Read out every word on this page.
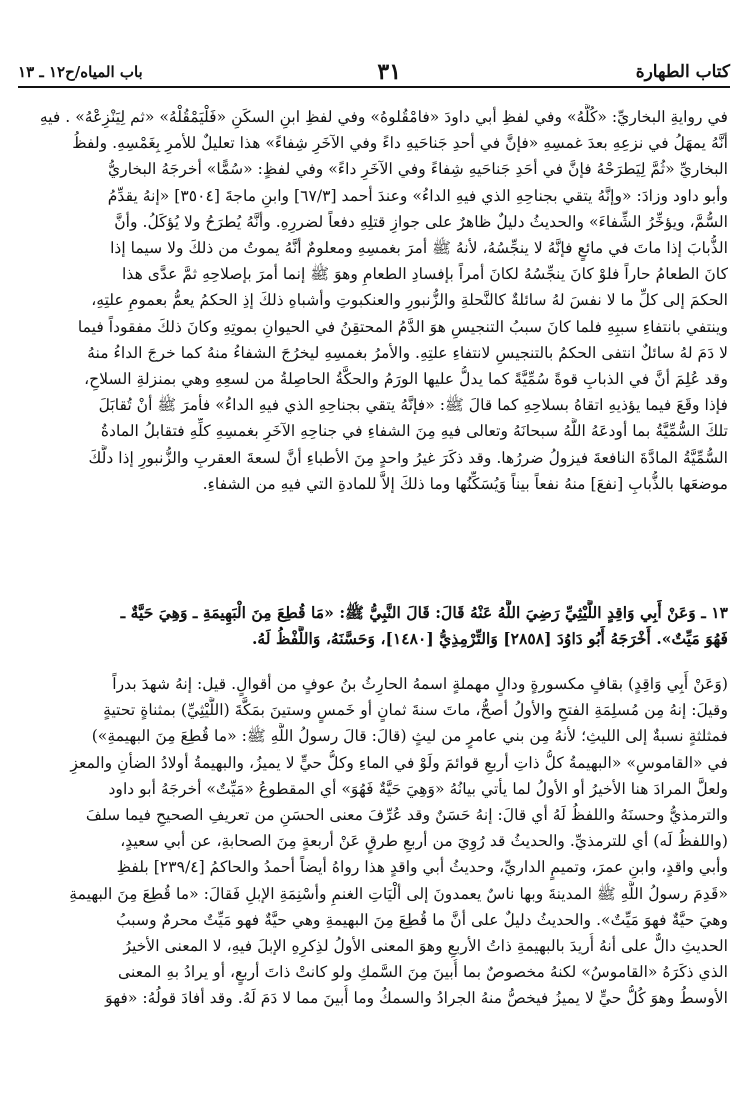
كتاب الطهارة
٣١
باب المياه/ح١٢ ـ ١٣
في روايةِ البخاريِّ: «كُلَّهُ» وفي لفظِ أبي داودَ «فامْقُلوهُ» وفي لفظِ ابنِ السكَنِ «فَلْيَمْقُلْهُ» «ثم لِيَنْزِعْهُ» . فيهِ
أنَّهُ يمهَلُ في نزعِهِ بعدَ غمسِهِ «فإنَّ في أحدِ جَناحَيهِ داءً وفي الآخَرِ شِفاءً» هذا تعليلٌ للأمرِ بِغَمْسِهِ. ولفظُ
البخاريِّ «ثُمَّ لِيَطرَحْهُ فإنَّ في أحَدِ جَناحَيهِ شِفاءً وفي الآخَرِ داءً» وفي لفظٍ: «سُمًّا» أخرجَهُ البخاريُّ
وأبو داود وزادَ: «وإنَّهُ يتقي بجناحِهِ الذي فيهِ الداءُ» وعندَ أحمد [٦٧/٣] وابنِ ماجةَ [٣٥٠٤] «إنهُ يقدِّمُ
السُّمَّ، ويؤخِّرُ الشِّفاءَ» والحديثُ دليلٌ ظاهرٌ على جوازِ قتلِهِ دفعاً لضررِهِ. وأنَّهُ يُطرَحُ ولا يُؤكَلُ. وأنَّ
الذُّبابَ إذا ماتَ في مائعٍ فإنَّهُ لا ينجِّسُهُ، لأنهُ ﷺ أمرَ بغمسِهِ ومعلومٌ أنَّهُ يموتُ من ذلكَ ولا سيما إذا
كانَ الطعامُ حاراً فلوْ كانَ ينجِّسُهُ لكانَ أمراً بإفسادِ الطعامِ وهوَ ﷺ إنما أمرَ بإصلاحِهِ ثمَّ عدَّى هذا
الحكمَ إلى كلِّ ما لا نفسَ لهُ سائلةٌ كالنَّحلةِ والزُّنبورِ والعنكبوتِ وأشباهِ ذلكَ إذِ الحكمُ يعمُّ بعمومِ علتِهِ،
وينتفي بانتفاءِ سببِهِ فلما كانَ سببُ التنجيسِ هوَ الدَّمُ المحتقِنُ في الحيوانِ بموتِهِ وكانَ ذلكَ مفقوداً فيما
لا دَمَ لهُ سائلٌ انتفى الحكمُ بالتنجيسِ لانتفاءِ علتِهِ. والأمرُ بغمسِهِ ليخرُجَ الشفاءُ منهُ كما خرجَ الداءُ منهُ
وقد عُلِمَ أنَّ في الذبابِ قوةً سُمِّيَّةً كما يدلُّ عليها الورَمُ والحكَّةُ الحاصِلةُ من لسعِهِ وهي بمنزلةِ السلاحِ،
فإذا وقَعَ فيما يؤذيهِ اتقاهُ بسلاحِهِ كما قالَ ﷺ: «فإنَّهُ يتقي بجناحِهِ الذي فيهِ الداءُ» فأمرَ ﷺ أنْ تُقابَلَ
تلكَ السُّمِّيَّةُ بما أودعَهُ اللَّهُ سبحانَهُ وتعالى فيهِ مِنَ الشفاءِ في جناحِهِ الآخَرِ بغمسِهِ كلِّهِ فتقابلُ المادةُ
السُّمِّيَّةُ المادَّةَ النافعةَ فيزولُ ضررُها. وقد ذكَرَ غيرُ واحدٍ مِنَ الأطباءِ أنَّ لسعةَ العقربِ والزُّنبورِ إذا دلَّكَ
موضعَها بالذُّبابِ [نفعَ] منهُ نفعاً بيناً وَيُسَكِّنُها وما ذلكَ إلاَّ للمادةِ التي فيهِ من الشفاءِ.
١٣ ـ وَعَنْ أَبِي وَاقِدٍ اللَّيْثِيِّ رَضِيَ اللَّهُ عَنْهُ قَالَ: قَالَ النَّبِيُّ ﷺ: «مَا قُطِعَ مِنَ الْبَهِيمَةِ ـ وَهِيَ حَيَّةٌ ـ
فَهُوَ مَيِّتٌ». أَخْرَجَهُ أَبُو دَاوُدَ [٢٨٥٨] وَالتِّرْمِذِيُّ [١٤٨٠]، وَحَسَّنَهُ، وَاللَّفْظُ لَهُ.
(وَعَنْ أَبِي وَاقِدٍ) بقافٍ مكسورةٍ ودالٍ مهملةٍ اسمهُ الحارِثُ بنُ عوفٍ من أقوالٍ. قيل: إنهُ شهدَ بدراً
وقيلَ: إنهُ مِن مُسلِمَةِ الفتحِ والأولُ أصحُّ، ماتَ سنةَ ثمانٍ أو خَمسٍ وستينَ بمَكَّةَ (اللَّيْثِيِّ) بمثناةٍ تحتيةٍ
فمثلثةٍ نسبةٌ إلى الليثِ؛ لأنهُ مِن بني عامرٍ من ليثٍ (قالَ: قالَ رسولُ اللَّهِ ﷺ: «ما قُطِعَ مِنَ البهيمةِ»)
في «القاموسِ» «البهيمةُ كلُّ ذاتِ أربعِ قوائمَ ولَوْ في الماءِ وكلُّ حيٍّ لا يميزُ، والبهيمةُ أولادُ الضأنِ والمعزِ
ولعلَّ المرادَ هنا الأخيرُ أو الأولُ لما يأتي بيانُهُ «وَهِيَ حَيَّةٌ فَهُوَ» أي المقطوعُ «مَيِّتٌ» أخرجَهُ أبو داود
والترمذيُّ وحسنَهُ واللفظُ لَهُ أي قالَ: إنهُ حَسَنٌ وقد عُرِّفَ معنى الحسَنِ من تعريفِ الصحيحِ فيما سلفَ
(واللفظُ لَه) أي للترمذيِّ. والحديثُ قد رُوِيَ من أربعِ طرقٍ عَنْ أربعةٍ مِنَ الصحابةِ، عن أبي سعيدٍ،
وأبي واقدٍ، وابنِ عمرَ، وتميمٍ الداريِّ، وحديثُ أبي واقدٍ هذا رواهُ أيضاً أحمدُ والحاكمُ [٢٣٩/٤] بلفظِ
«قَدِمَ رسولُ اللَّهِ ﷺ المدينةَ وبها ناسٌ يعمدونَ إلى ألْيَاتِ الغنمِ وأسْنِمَةِ الإبلِ فَقالَ: «ما قُطِعَ مِنَ البهيمةِ
وهيَ حيَّةٌ فهوَ مَيِّتٌ». والحديثُ دليلٌ على أنَّ ما قُطِعَ مِنَ البهيمةِ وهي حيَّةٌ فهو مَيِّتٌ محرمٌ وسببُ
الحديثِ دالٌّ على أنهُ أُريدَ بالبهيمةِ ذاتُ الأربعِ وهوَ المعنى الأولُ لذِكرِهِ الإبلَ فيهِ، لا المعنى الأخيرُ
الذي ذكَرَهُ «القاموسُ» لكنهُ مخصوصٌ بما أُبينَ مِنَ السَّمكِ ولو كانتْ ذاتَ أربعٍ، أو يرادُ بهِ المعنى
الأوسطُ وهوَ كُلُّ حيٍّ لا يميزُ فيخصُّ منهُ الجرادُ والسمكُ وما أُبينَ مما لا دَمَ لَهُ. وقد أفادَ قولُهُ: «فهوَ
